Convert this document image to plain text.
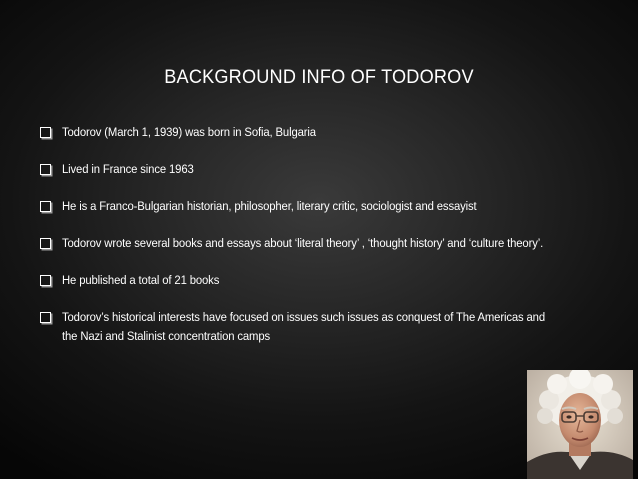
BACKGROUND INFO OF TODOROV
Todorov (March 1, 1939) was born in Sofia, Bulgaria
Lived in France since 1963
He is a Franco-Bulgarian historian, philosopher, literary critic, sociologist and essayist
Todorov wrote several books and essays about ‘literal theory’ , ‘thought history’ and ‘culture theory’.
He published a total of 21 books
Todorov’s historical interests have focused on issues such issues as conquest of The Americas and the Nazi and Stalinist concentration camps
